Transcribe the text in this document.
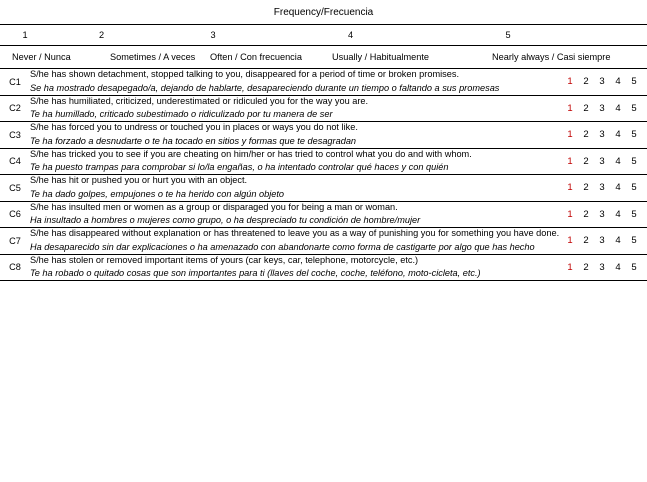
Frequency/Frecuencia
1	2	3	4	5
Never / Nunca	Sometimes / A veces	Often / Con frecuencia	Usually / Habitualmente	Nearly always / Casi siempre
C1	
S/he has shown detachment, stopped talking to you, disappeared for a period of time or broken promises.
Se ha mostrado desapegado/a, dejando de hablarte, desapareciendo durante un tiempo o faltando a sus promesas

1 2 3 4 5

C2	
S/he has humiliated, criticized, underestimated or ridiculed you for the way you are.
Te ha humillado, criticado subestimado o ridiculizado por tu manera de ser

1 2 3 4 5

C3	
S/he has forced you to undress or touched you in places or ways you do not like.
Te ha forzado a desnudarte o te ha tocado en sitios y formas que te desagradan

1 2 3 4 5

C4	
S/he has tricked you to see if you are cheating on him/her or has tried to control what you do and with whom.
Te ha puesto trampas para comprobar si lo/la engañas, o ha intentado controlar qué haces y con quién

1 2 3 4 5

C5	
S/he has hit or pushed you or hurt you with an object.
Te ha dado golpes, empujones o te ha herido con algún objeto

1 2 3 4 5

C6	
S/he has insulted men or women as a group or disparaged you for being a man or woman.
Ha insultado a hombres o mujeres como grupo, o ha despreciado tu condición de hombre/mujer

1 2 3 4 5

C7	
S/he has disappeared without explanation or has threatened to leave you as a way of punishing you for something you have done.
Ha desaparecido sin dar explicaciones o ha amenazado con abandonarte como forma de castigarte por algo que has hecho

1 2 3 4 5

C8	
S/he has stolen or removed important items of yours (car keys, car, telephone, motorcycle, etc.)
Te ha robado o quitado cosas que son importantes para ti (llaves del coche, coche, teléfono, moto-cicleta, etc.)

1 2 3 4 5
